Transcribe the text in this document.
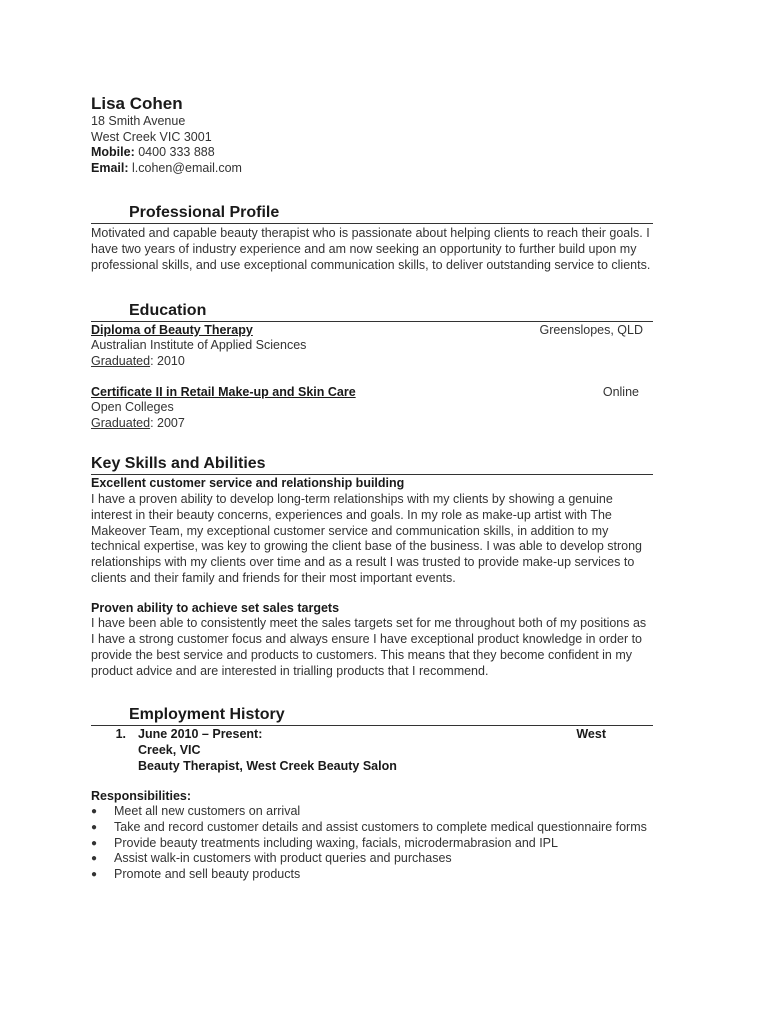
Lisa Cohen
18 Smith Avenue
West Creek VIC 3001
Mobile: 0400 333 888
Email: l.cohen@email.com
Professional Profile

Motivated and capable beauty therapist who is passionate about helping clients to reach their goals. I have two years of industry experience and am now seeking an opportunity to further build upon my professional skills, and use exceptional communication skills, to deliver outstanding service to clients.

Education
Diploma of Beauty Therapy	Greenslopes, QLD
Australian Institute of Applied Sciences
Graduated: 2010
Certificate II in Retail Make-up and Skin Care	Online
Open Colleges
Graduated: 2007
Key Skills and Abilities
Excellent customer service and relationship building

I have a proven ability to develop long-term relationships with my clients by showing a genuine interest in their beauty concerns, experiences and goals. In my role as make-up artist with The Makeover Team, my exceptional customer service and communication skills, in addition to my technical expertise, was key to growing the client base of the business. I was able to develop strong relationships with my clients over time and as a result I was trusted to provide make-up services to clients and their family and friends for their most important events.

Proven ability to achieve set sales targets

I have been able to consistently meet the sales targets set for me throughout both of my positions as I have a strong customer focus and always ensure I have exceptional product knowledge in order to provide the best service and products to customers. This means that they become confident in my product advice and are interested in trialling products that I recommend.

Employment History
1. June 2010 – Present:	West
Creek, VIC
Beauty Therapist, West Creek Beauty Salon
Responsibilities:
● Meet all new customers on arrival
● Take and record customer details and assist customers to complete medical questionnaire forms
● Provide beauty treatments including waxing, facials, microdermabrasion and IPL
● Assist walk-in customers with product queries and purchases
● Promote and sell beauty products
